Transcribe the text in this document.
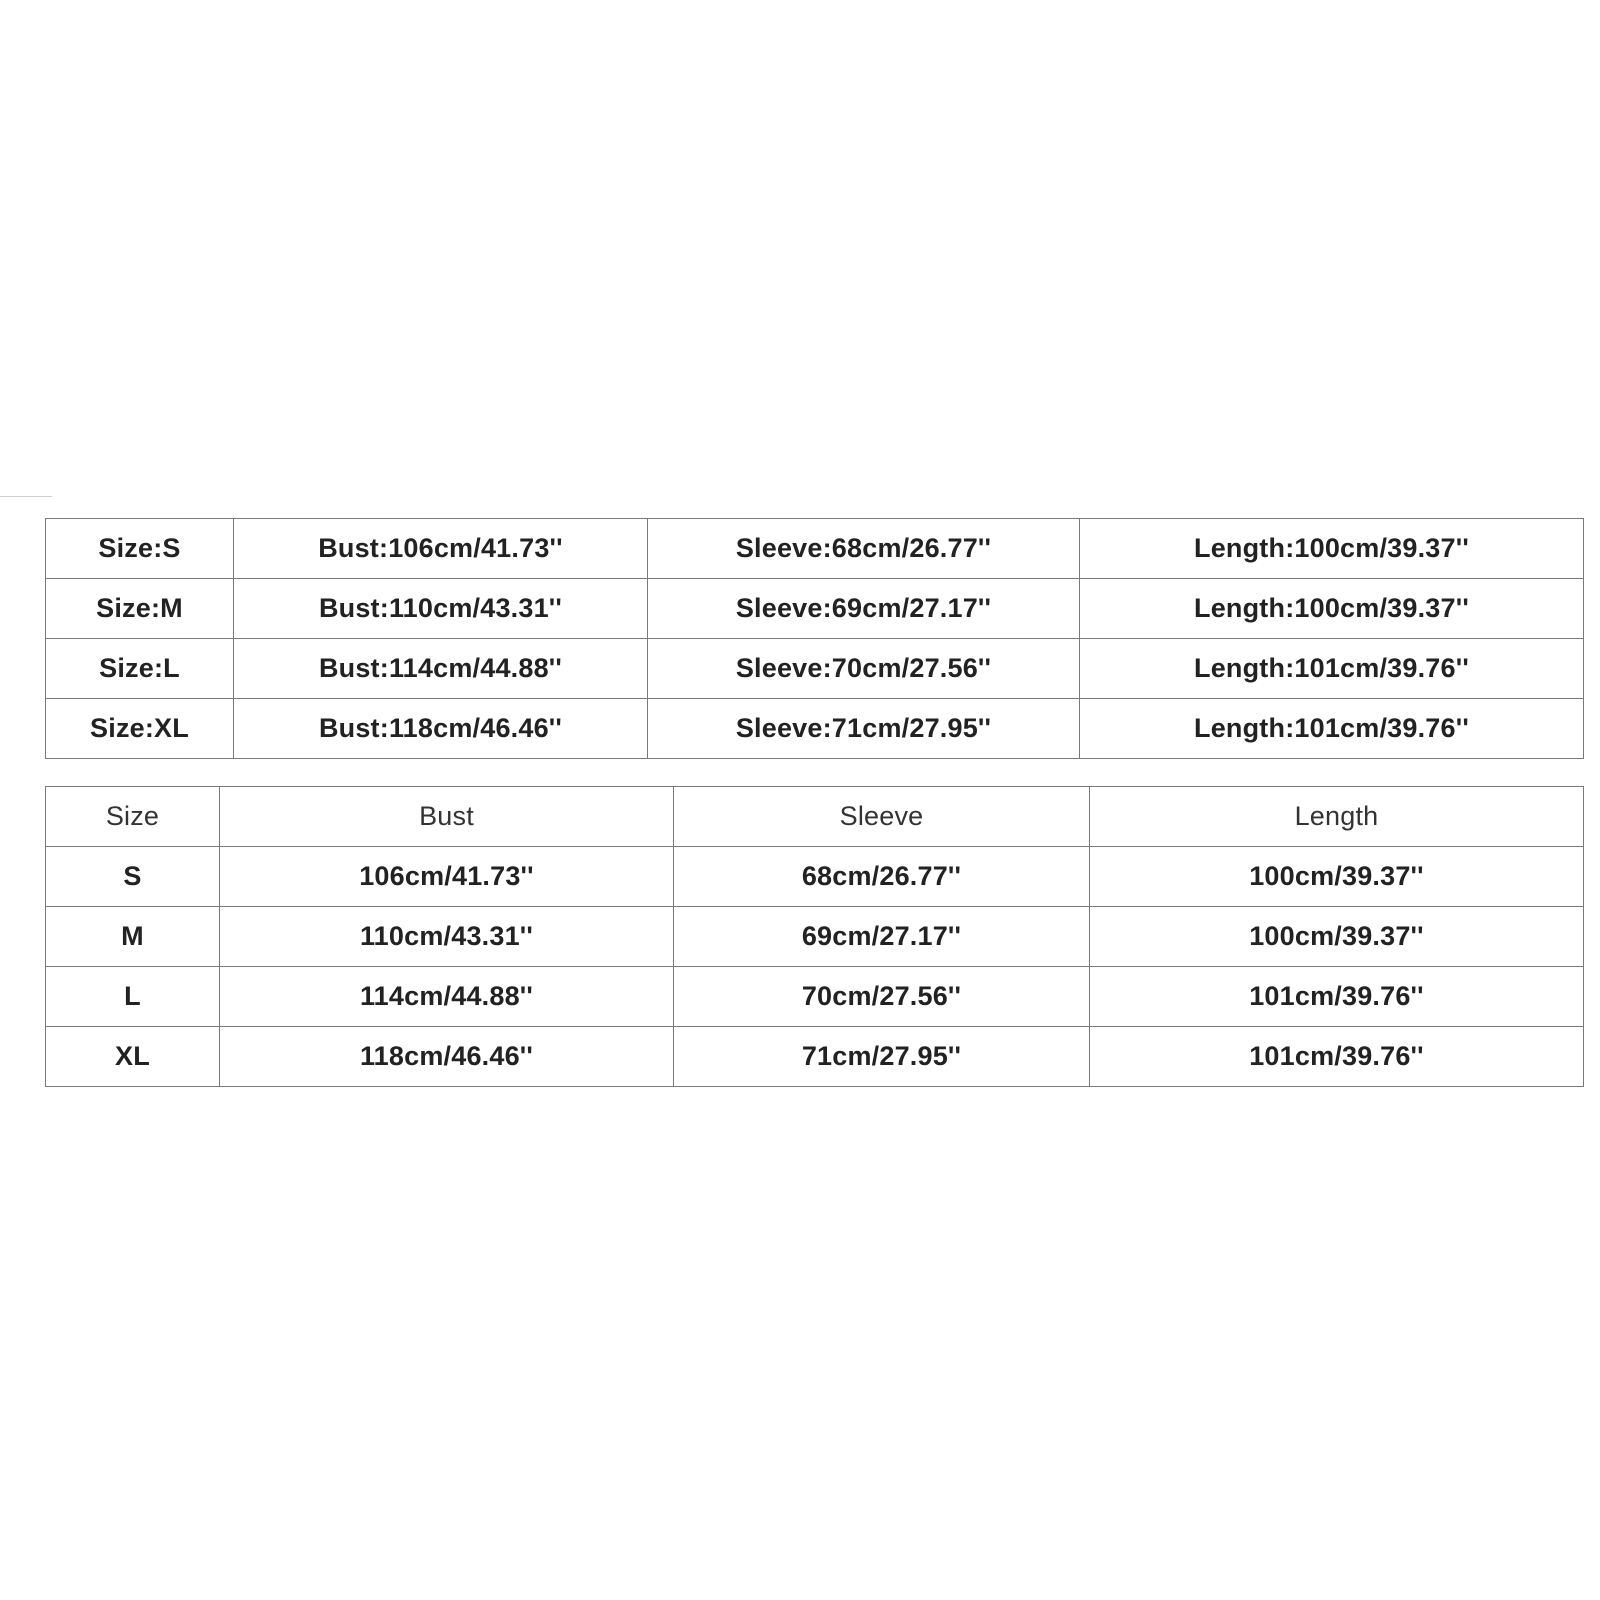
Size:S	Bust:106cm/41.73''	Sleeve:68cm/26.77''	Length:100cm/39.37''
Size:M	Bust:110cm/43.31''	Sleeve:69cm/27.17''	Length:100cm/39.37''
Size:L	Bust:114cm/44.88''	Sleeve:70cm/27.56''	Length:101cm/39.76''
Size:XL	Bust:118cm/46.46''	Sleeve:71cm/27.95''	Length:101cm/39.76''
Size	Bust	Sleeve	Length
S	106cm/41.73''	68cm/26.77''	100cm/39.37''
M	110cm/43.31''	69cm/27.17''	100cm/39.37''
L	114cm/44.88''	70cm/27.56''	101cm/39.76''
XL	118cm/46.46''	71cm/27.95''	101cm/39.76''
